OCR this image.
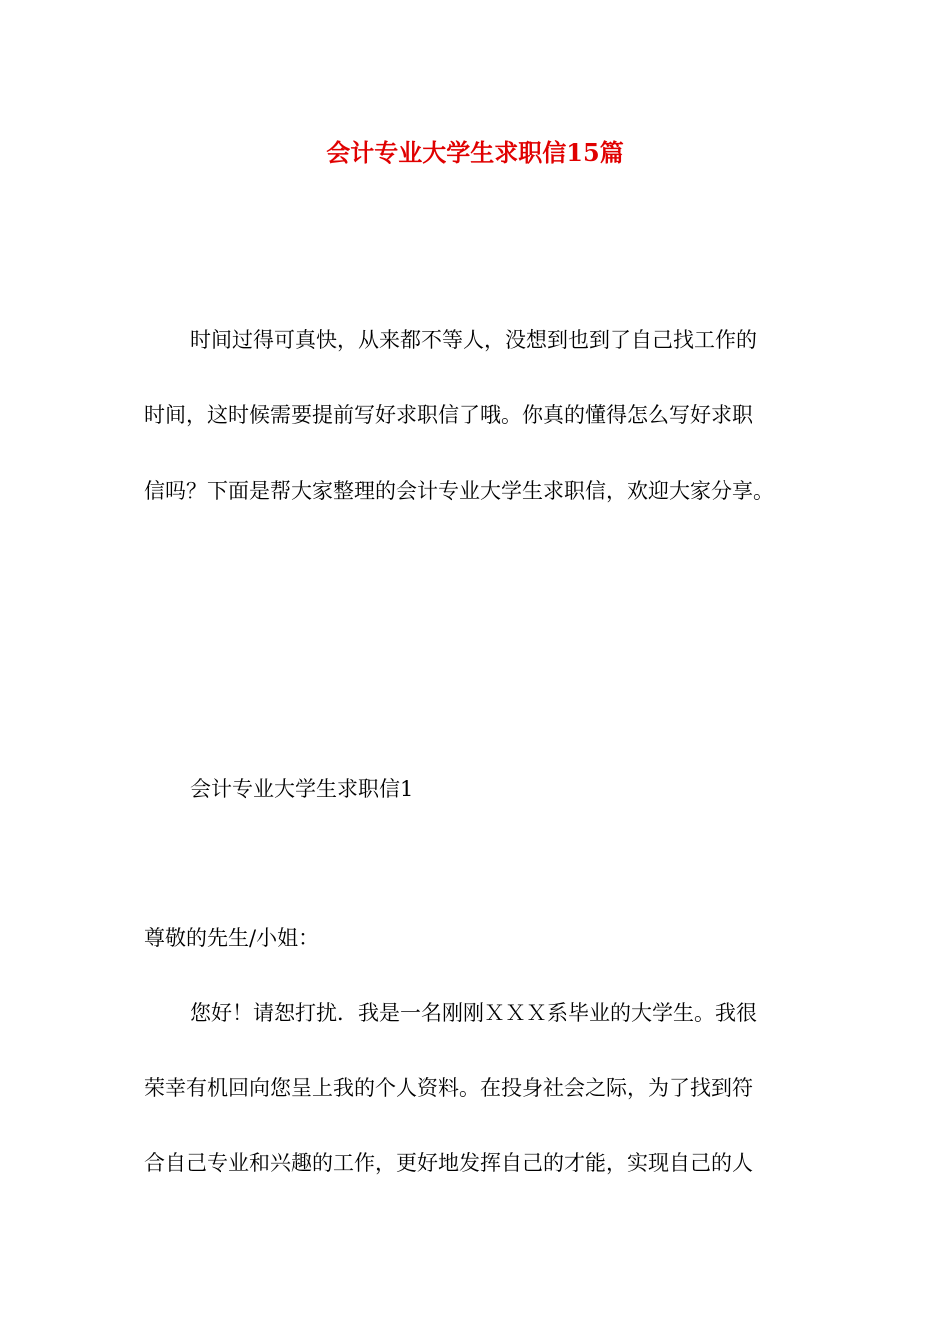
会计专业大学生求职信15篇
时间过得可真快，从来都不等人，没想到也到了自己找工作的
时间，这时候需要提前写好求职信了哦。你真的懂得怎么写好求职
信吗？下面是帮大家整理的会计专业大学生求职信，欢迎大家分享。
会计专业大学生求职信1
尊敬的先生/小姐：
您好！请恕打扰．我是一名刚刚ＸＸＸ系毕业的大学生。我很
荣幸有机回向您呈上我的个人资料。在投身社会之际，为了找到符
合自己专业和兴趣的工作，更好地发挥自己的才能，实现自己的人
